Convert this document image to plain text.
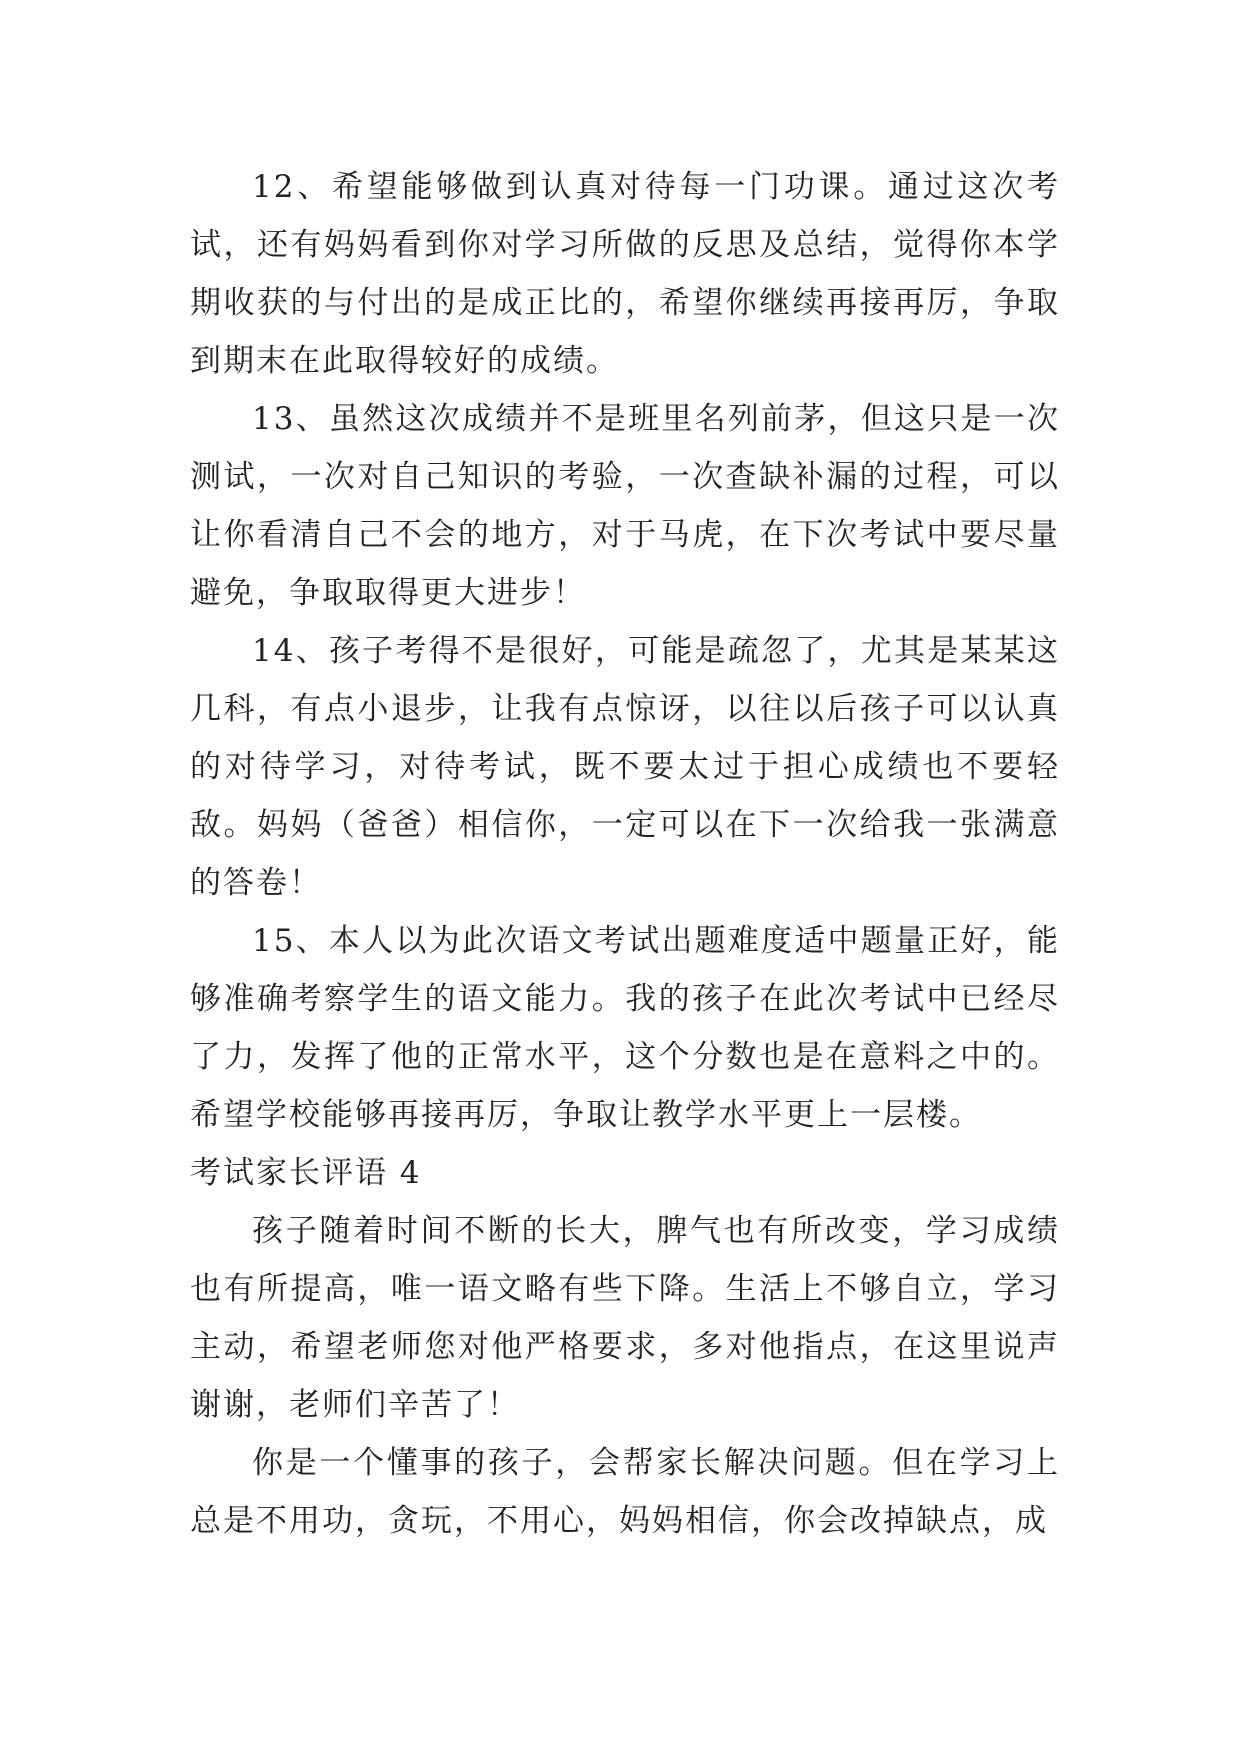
12、希望能够做到认真对待每一门功课。通过这次考试，还有妈妈看到你对学习所做的反思及总结，觉得你本学期收获的与付出的是成正比的，希望你继续再接再厉，争取到期末在此取得较好的成绩。

13、虽然这次成绩并不是班里名列前茅，但这只是一次测试，一次对自己知识的考验，一次查缺补漏的过程，可以让你看清自己不会的地方，对于马虎，在下次考试中要尽量避免，争取取得更大进步！

14、孩子考得不是很好，可能是疏忽了，尤其是某某这几科，有点小退步，让我有点惊讶，以往以后孩子可以认真的对待学习，对待考试，既不要太过于担心成绩也不要轻敌。妈妈（爸爸）相信你，一定可以在下一次给我一张满意的答卷！

15、本人以为此次语文考试出题难度适中题量正好，能够准确考察学生的语文能力。我的孩子在此次考试中已经尽了力，发挥了他的正常水平，这个分数也是在意料之中的。希望学校能够再接再厉，争取让教学水平更上一层楼。

考试家长评语 4

孩子随着时间不断的长大，脾气也有所改变，学习成绩也有所提高，唯一语文略有些下降。生活上不够自立，学习主动，希望老师您对他严格要求，多对他指点，在这里说声谢谢，老师们辛苦了！

你是一个懂事的孩子，会帮家长解决问题。但在学习上总是不用功，贪玩，不用心，妈妈相信，你会改掉缺点，成
